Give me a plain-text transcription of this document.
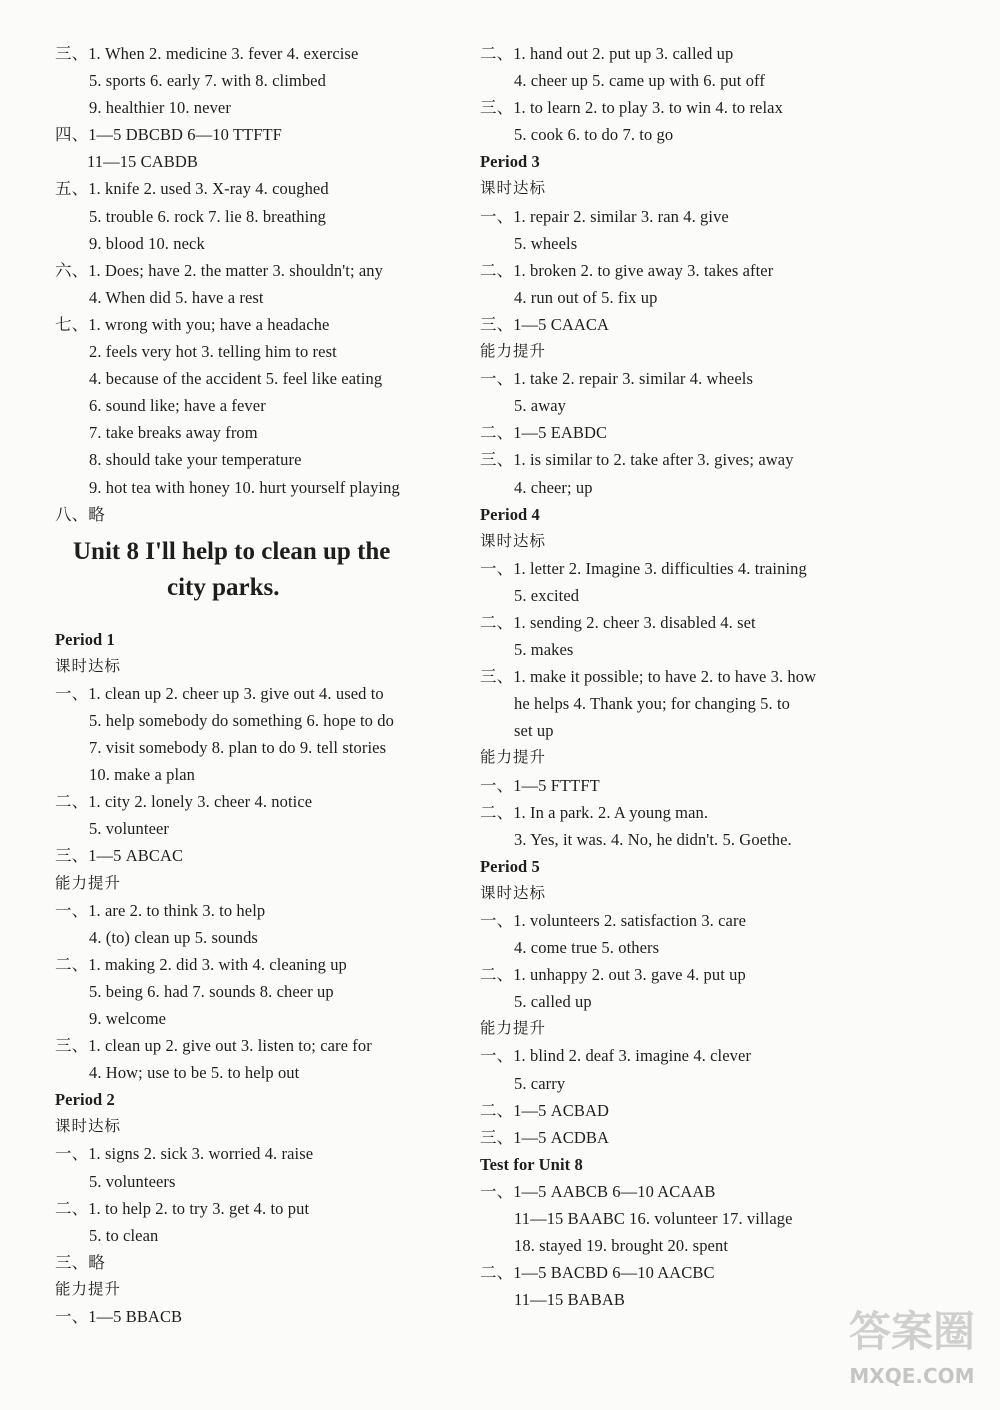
三、1. When 2. medicine 3. fever 4. exercise
5. sports 6. early 7. with 8. climbed
9. healthier 10. never
四、1—5 DBCBD 6—10 TTFTF
11—15 CABDB
五、1. knife 2. used 3. X-ray 4. coughed
5. trouble 6. rock 7. lie 8. breathing
9. blood 10. neck
六、1. Does; have 2. the matter 3. shouldn't; any
4. When did 5. have a rest
七、1. wrong with you; have a headache
2. feels very hot 3. telling him to rest
4. because of the accident 5. feel like eating
6. sound like; have a fever
7. take breaks away from
8. should take your temperature
9. hot tea with honey 10. hurt yourself playing
八、略
Unit 8 I'll help to clean up the
city parks.
Period 1
课时达标
一、1. clean up 2. cheer up 3. give out 4. used to
5. help somebody do something 6. hope to do
7. visit somebody 8. plan to do 9. tell stories
10. make a plan
二、1. city 2. lonely 3. cheer 4. notice
5. volunteer
三、1—5 ABCAC
能力提升
一、1. are 2. to think 3. to help
4. (to) clean up 5. sounds
二、1. making 2. did 3. with 4. cleaning up
5. being 6. had 7. sounds 8. cheer up
9. welcome
三、1. clean up 2. give out 3. listen to; care for
4. How; use to be 5. to help out
Period 2
课时达标
一、1. signs 2. sick 3. worried 4. raise
5. volunteers
二、1. to help 2. to try 3. get 4. to put
5. to clean
三、略
能力提升
一、1—5 BBACB
二、1. hand out 2. put up 3. called up
4. cheer up 5. came up with 6. put off
三、1. to learn 2. to play 3. to win 4. to relax
5. cook 6. to do 7. to go
Period 3
课时达标
一、1. repair 2. similar 3. ran 4. give
5. wheels
二、1. broken 2. to give away 3. takes after
4. run out of 5. fix up
三、1—5 CAACA
能力提升
一、1. take 2. repair 3. similar 4. wheels
5. away
二、1—5 EABDC
三、1. is similar to 2. take after 3. gives; away
4. cheer; up
Period 4
课时达标
一、1. letter 2. Imagine 3. difficulties 4. training
5. excited
二、1. sending 2. cheer 3. disabled 4. set
5. makes
三、1. make it possible; to have 2. to have 3. how
he helps 4. Thank you; for changing 5. to
set up
能力提升
一、1—5 FTTFT
二、1. In a park. 2. A young man.
3. Yes, it was. 4. No, he didn't. 5. Goethe.
Period 5
课时达标
一、1. volunteers 2. satisfaction 3. care
4. come true 5. others
二、1. unhappy 2. out 3. gave 4. put up
5. called up
能力提升
一、1. blind 2. deaf 3. imagine 4. clever
5. carry
二、1—5 ACBAD
三、1—5 ACDBA
Test for Unit 8
一、1—5 AABCB 6—10 ACAAB
11—15 BAABC 16. volunteer 17. village
18. stayed 19. brought 20. spent
二、1—5 BACBD 6—10 AACBC
11—15 BABAB
答案圈
MXQE.COM
